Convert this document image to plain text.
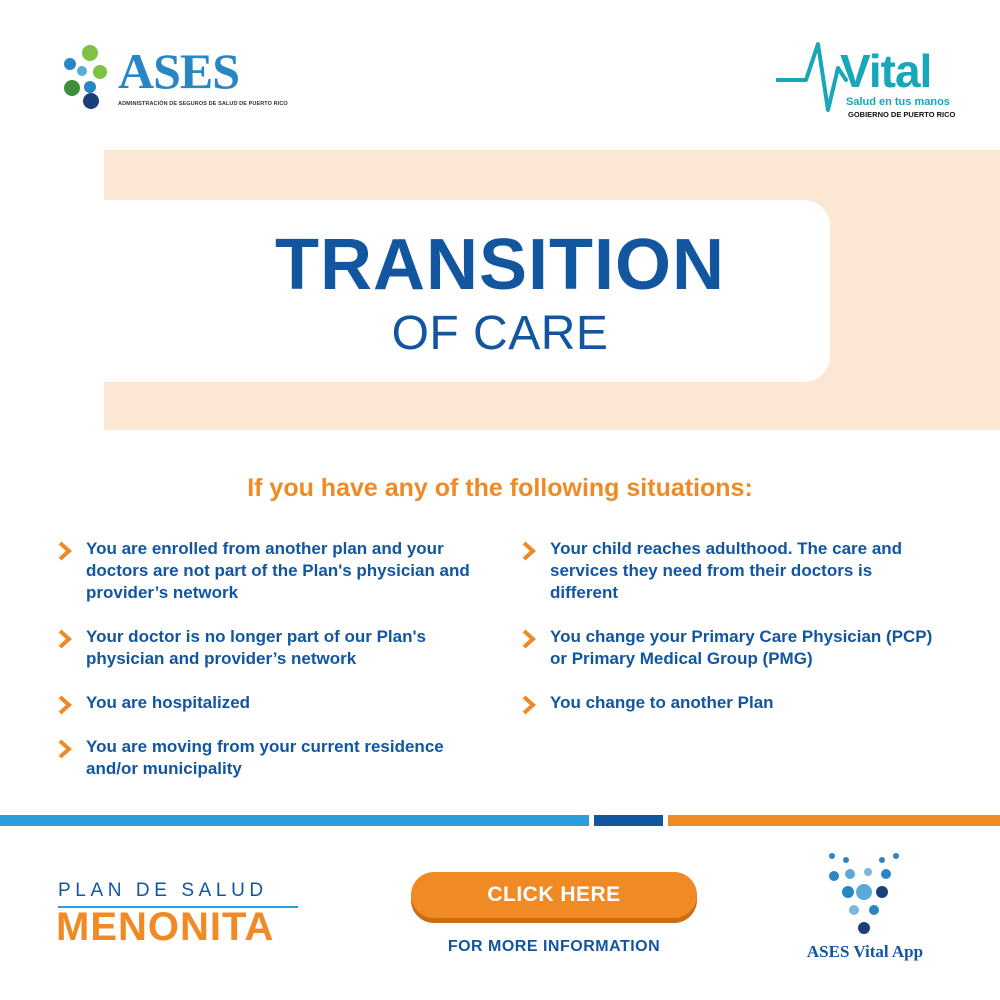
ASES
ADMINISTRACIÓN DE SEGUROS DE SALUD DE PUERTO RICO
Vital
Salud en tus manos
GOBIERNO DE PUERTO RICO
TRANSITION
OF CARE
If you have any of the following situations:
You are enrolled from another plan and your doctors are not part of the Plan's physician and provider’s network
Your doctor is no longer part of our Plan's physician and provider’s network
You are hospitalized
You are moving from your current residence and/or municipality
Your child reaches adulthood. The care and services they need from their doctors is different
You change your Primary Care Physician (PCP) or Primary Medical Group (PMG)
You change to another Plan
PLAN DE SALUD
MENONITA
CLICK HERE
FOR MORE INFORMATION	ASES Vital App
